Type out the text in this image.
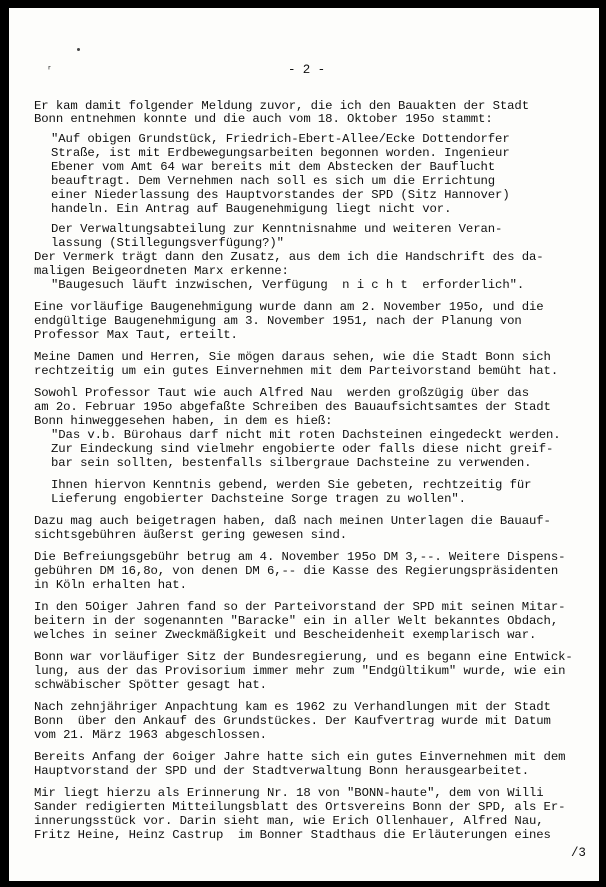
ʳ	- 2 -
Er kam damit folgender Meldung zuvor, die ich den Bauakten der Stadt
Bonn entnehmen konnte und die auch vom 18. Oktober 195o stammt:
"Auf obigen Grundstück, Friedrich-Ebert-Allee/Ecke Dottendorfer
Straße, ist mit Erdbewegungsarbeiten begonnen worden. Ingenieur
Ebener vom Amt 64 war bereits mit dem Abstecken der Bauflucht
beauftragt. Dem Vernehmen nach soll es sich um die Errichtung
einer Niederlassung des Hauptvorstandes der SPD (Sitz Hannover)
handeln. Ein Antrag auf Baugenehmigung liegt nicht vor.
Der Verwaltungsabteilung zur Kenntnisnahme und weiteren Veran-
lassung (Stillegungsverfügung?)"
Der Vermerk trägt dann den Zusatz, aus dem ich die Handschrift des da-
maligen Beigeordneten Marx erkenne:
"Baugesuch läuft inzwischen, Verfügung  n i c h t  erforderlich".
Eine vorläufige Baugenehmigung wurde dann am 2. November 195o, und die
endgültige Baugenehmigung am 3. November 1951, nach der Planung von
Professor Max Taut, erteilt.
Meine Damen und Herren, Sie mögen daraus sehen, wie die Stadt Bonn sich
rechtzeitig um ein gutes Einvernehmen mit dem Parteivorstand bemüht hat.
Sowohl Professor Taut wie auch Alfred Nau  werden großzügig über das
am 2o. Februar 195o abgefaßte Schreiben des Bauaufsichtsamtes der Stadt
Bonn hinweggesehen haben, in dem es hieß:
"Das v.b. Bürohaus darf nicht mit roten Dachsteinen eingedeckt werden.
Zur Eindeckung sind vielmehr engobierte oder falls diese nicht greif-
bar sein sollten, bestenfalls silbergraue Dachsteine zu verwenden.
Ihnen hiervon Kenntnis gebend, werden Sie gebeten, rechtzeitig für
Lieferung engobierter Dachsteine Sorge tragen zu wollen".
Dazu mag auch beigetragen haben, daß nach meinen Unterlagen die Bauauf-
sichtsgebühren äußerst gering gewesen sind.
Die Befreiungsgebühr betrug am 4. November 195o DM 3,--. Weitere Dispens-
gebühren DM 16,8o, von denen DM 6,-- die Kasse des Regierungspräsidenten
in Köln erhalten hat.
In den 5Oiger Jahren fand so der Parteivorstand der SPD mit seinen Mitar-
beitern in der sogenannten "Baracke" ein in aller Welt bekanntes Obdach,
welches in seiner Zweckmäßigkeit und Bescheidenheit exemplarisch war.
Bonn war vorläufiger Sitz der Bundesregierung, und es begann eine Entwick-
lung, aus der das Provisorium immer mehr zum "Endgültikum" wurde, wie ein
schwäbischer Spötter gesagt hat.
Nach zehnjähriger Anpachtung kam es 1962 zu Verhandlungen mit der Stadt
Bonn  über den Ankauf des Grundstückes. Der Kaufvertrag wurde mit Datum
vom 21. März 1963 abgeschlossen.
Bereits Anfang der 6oiger Jahre hatte sich ein gutes Einvernehmen mit dem
Hauptvorstand der SPD und der Stadtverwaltung Bonn herausgearbeitet.
Mir liegt hierzu als Erinnerung Nr. 18 von "BONN-haute", dem von Willi
Sander redigierten Mitteilungsblatt des Ortsvereins Bonn der SPD, als Er-
innerungsstück vor. Darin sieht man, wie Erich Ollenhauer, Alfred Nau,
Fritz Heine, Heinz Castrup  im Bonner Stadthaus die Erläuterungen eines
/3
